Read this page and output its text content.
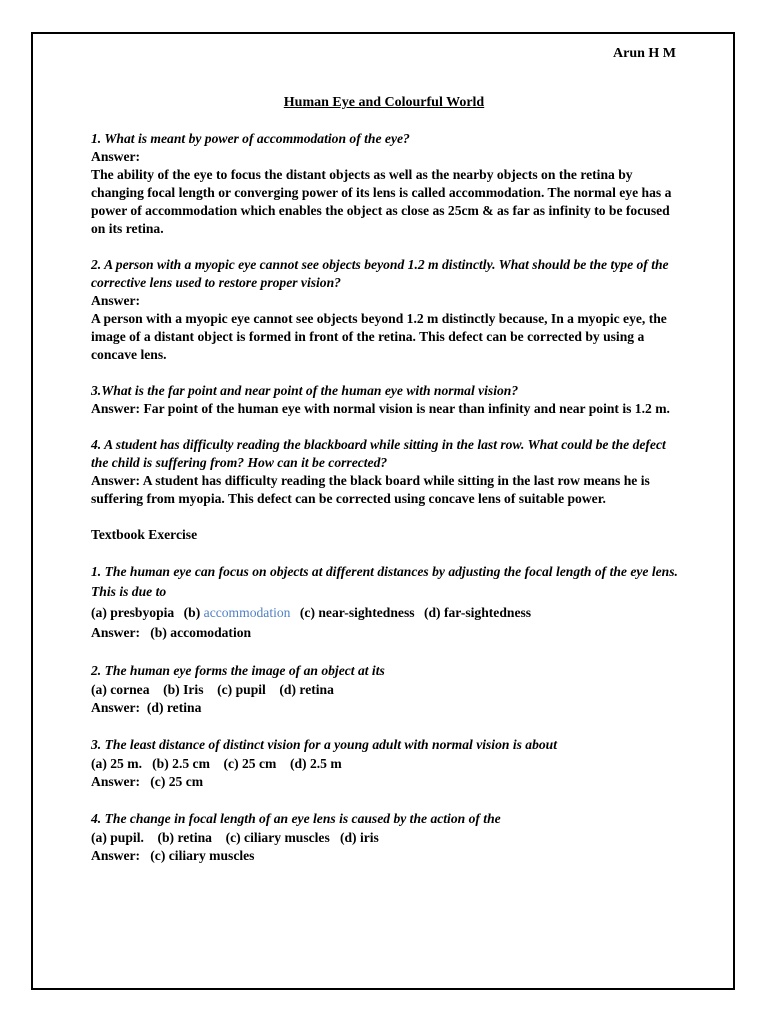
Arun H M
Human Eye and Colourful World
1. What is meant by power of accommodation of the eye?
Answer:
The ability of the eye to focus the distant objects as well as the nearby objects on the retina by changing focal length or converging power of its lens is called accommodation. The normal eye has a power of accommodation which enables the object as close as 25cm & as far as infinity to be focused on its retina.
2. A person with a myopic eye cannot see objects beyond 1.2 m distinctly. What should be the type of the corrective lens used to restore proper vision?
Answer:
A person with a myopic eye cannot see objects beyond 1.2 m distinctly because, In a myopic eye, the image of a distant object is formed in front of the retina. This defect can be corrected by using a concave lens.
3.What is the far point and near point of the human eye with normal vision?
Answer: Far point of the human eye with normal vision is near than infinity and near point is 1.2 m.
4. A student has difficulty reading the blackboard while sitting in the last row. What could be the defect the child is suffering from? How can it be corrected?
Answer: A student has difficulty reading the black board while sitting in the last row means he is suffering from myopia. This defect can be corrected using concave lens of suitable power.
Textbook Exercise
1. The human eye can focus on objects at different distances by adjusting the focal length of the eye lens. This is due to
(a) presbyopia (b) accommodation (c) near-sightedness (d) far-sightedness
Answer:   (b) accomodation
2. The human eye forms the image of an object at its
(a) cornea    (b) Iris    (c) pupil    (d) retina
Answer:  (d) retina
3. The least distance of distinct vision for a young adult with normal vision is about
(a) 25 m.   (b) 2.5 cm    (c) 25 cm    (d) 2.5 m
Answer:   (c) 25 cm
4. The change in focal length of an eye lens is caused by the action of the
(a) pupil.    (b) retina    (c) ciliary muscles   (d) iris
Answer:   (c) ciliary muscles
